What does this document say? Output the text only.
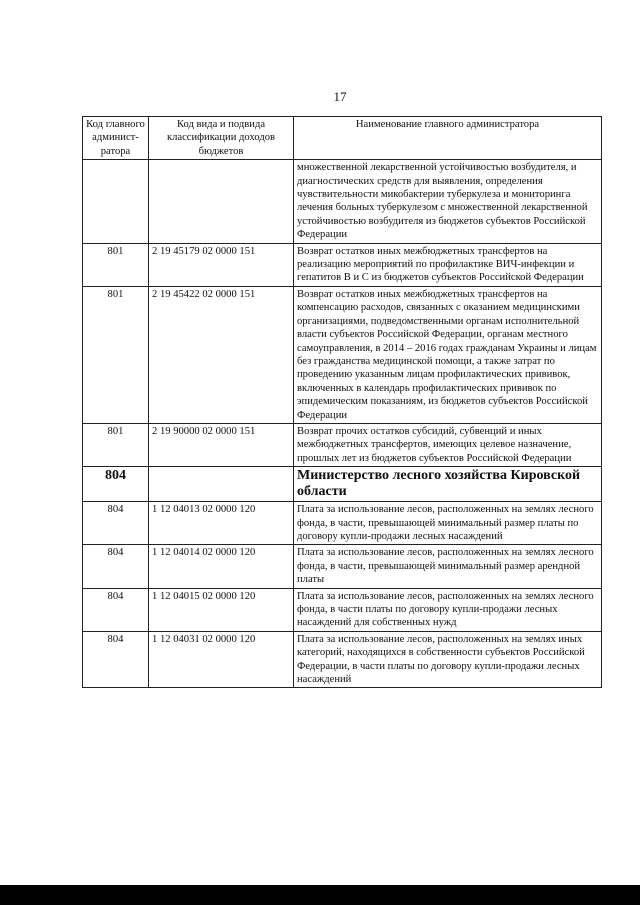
17
Код главного админист-ратора	Код вида и подвида классификации доходов бюджетов	Наименование главного администратора
		множественной лекарственной устойчивостью возбудителя, и диагностических средств для выявления, определения чувствительности микобактерии туберкулеза и мониторинга лечения больных туберкулезом с множественной лекарственной устойчивостью возбудителя из бюджетов субъектов Российской Федерации
801	2 19 45179 02 0000 151	Возврат остатков иных межбюджетных трансфертов на реализацию мероприятий по профилактике ВИЧ-инфекции и гепатитов B и C из бюджетов субъектов Российской Федерации
801	2 19 45422 02 0000 151	Возврат остатков иных межбюджетных трансфертов на компенсацию расходов, связанных с оказанием медицинскими организациями, подведомственными органам исполнительной власти субъектов Российской Федерации, органам местного самоуправления, в 2014 – 2016 годах гражданам Украины и лицам без гражданства медицинской помощи, а также затрат по проведению указанным лицам профилактических прививок, включенных в календарь профилактических прививок по эпидемическим показаниям, из бюджетов субъектов Российской Федерации
801	2 19 90000 02 0000 151	Возврат прочих остатков субсидий, субвенций и иных межбюджетных трансфертов, имеющих целевое назначение, прошлых лет из бюджетов субъектов Российской Федерации
804		Министерство лесного хозяйства Кировской области
804	1 12 04013 02 0000 120	Плата за использование лесов, расположенных на землях лесного фонда, в части, превышающей минимальный размер платы по договору купли-продажи лесных насаждений
804	1 12 04014 02 0000 120	Плата за использование лесов, расположенных на землях лесного фонда, в части, превышающей минимальный размер арендной платы
804	1 12 04015 02 0000 120	Плата за использование лесов, расположенных на землях лесного фонда, в части платы по договору купли-продажи лесных насаждений для собственных нужд
804	1 12 04031 02 0000 120	Плата за использование лесов, расположенных на землях иных категорий, находящихся в собственности субъектов Российской Федерации, в части платы по договору купли-продажи лесных насаждений
